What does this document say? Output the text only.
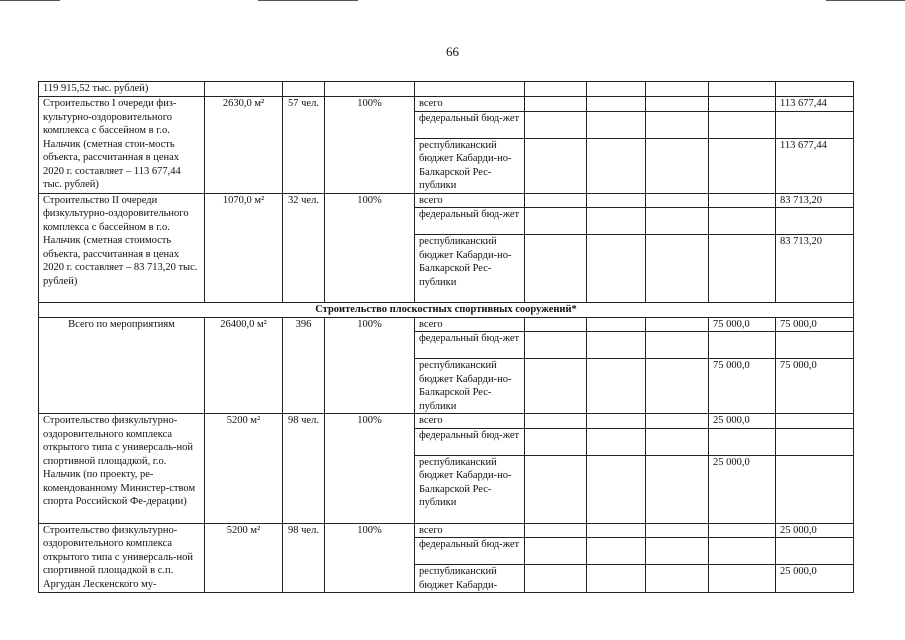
66
119 915,52 тыс. рублей)									
Строительство I очереди физ-культурно-оздоровительного комплекса с бассейном в г.о. Нальчик (сметная стои-мость объекта, рассчитанная в ценах 2020 г. составляет – 113 677,44 тыс. рублей)	2630,0 м²	57 чел.	100%	всего					113 677,44
				федеральный бюд-жет					
				республиканский бюджет Кабарди-но-Балкарской Рес-публики					113 677,44
Строительство II очереди физкультурно-оздоровительного комплекса с бассейном в г.о. Нальчик (сметная стоимость объекта, рассчитанная в ценах 2020 г. составляет – 83 713,20 тыс. рублей)	1070,0 м²	32 чел.	100%	всего					83 713,20
				федеральный бюд-жет					
				республиканский бюджет Кабарди-но-Балкарской Рес-публики					83 713,20
Строительство плоскостных спортивных сооружений*									
Всего по мероприятиям	26400,0 м²	396	100%	всего				75 000,0	75 000,0
				федеральный бюд-жет					
				республиканский бюджет Кабарди-но-Балкарской Рес-публики				75 000,0	75 000,0
Строительство физкультурно-оздоровительного комплекса открытого типа с универсаль-ной спортивной площадкой, г.о. Нальчик (по проекту, ре-комендованному Министер-ством спорта Российской Фе-дерации)	5200 м²	98 чел.	100%	всего				25 000,0	
				федеральный бюд-жет					
				республиканский бюджет Кабарди-но-Балкарской Рес-публики				25 000,0	
Строительство физкультурно-оздоровительного комплекса открытого типа с универсаль-ной спортивной площадкой в с.п. Аргудан Лескенского му-	5200 м²	98 чел.	100%	всего					25 000,0
				федеральный бюд-жет					
				республиканский бюджет Кабарди-					25 000,0
